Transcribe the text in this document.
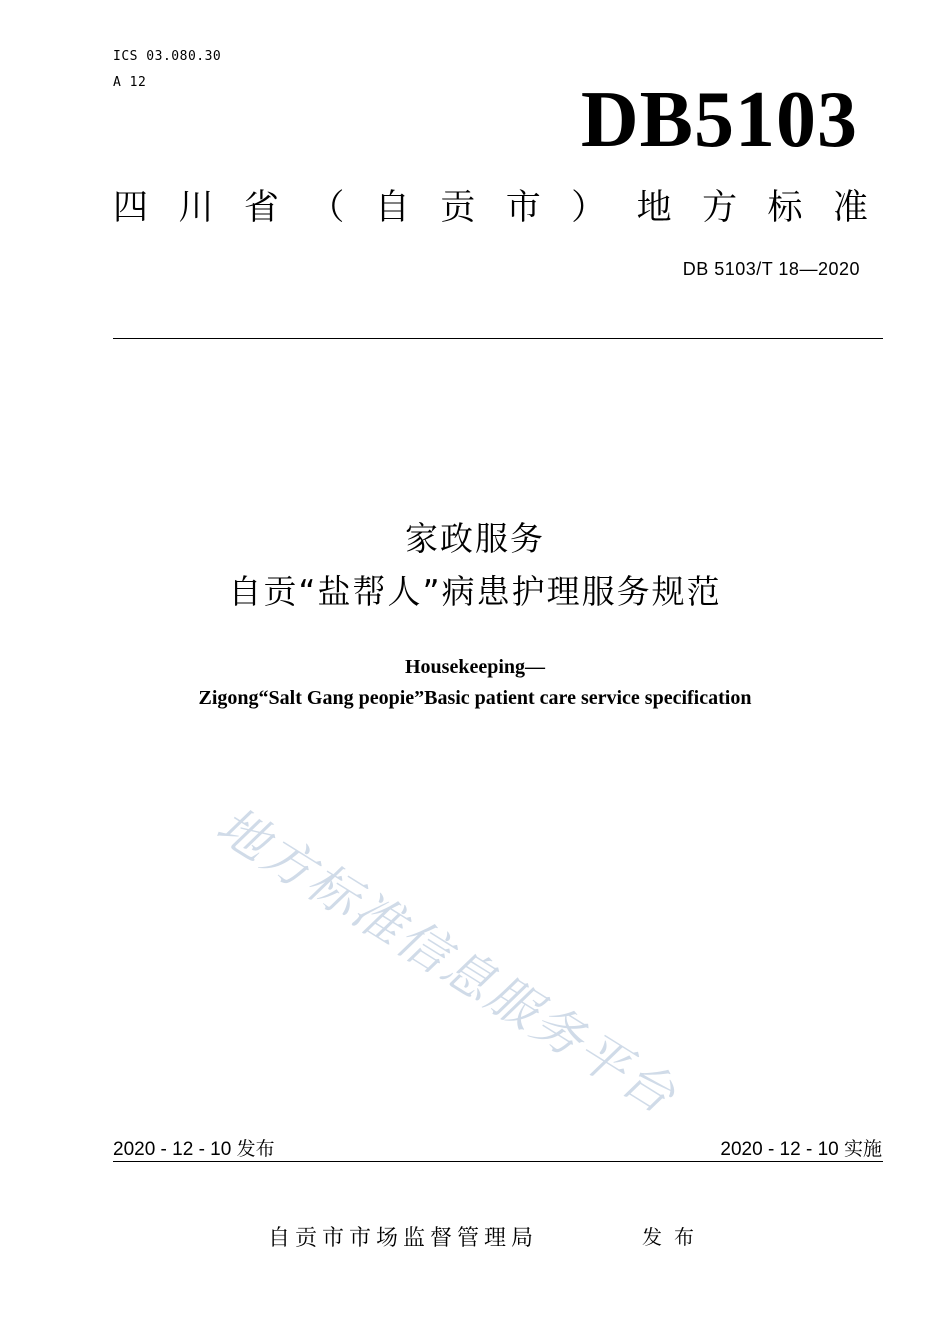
ICS 03.080.30
A 12	DB5103
四 川 省 （ 自 贡 市 ） 地 方 标 准
DB 5103/T 18—2020
家政服务
自贡“盐帮人”病患护理服务规范
Housekeeping—
Zigong“Salt Gang peopie”Basic patient care service specification
地方标准信息服务平台
2020 - 12 - 10 发布	2020 - 12 - 10 实施
自贡市市场监督管理局	发布
